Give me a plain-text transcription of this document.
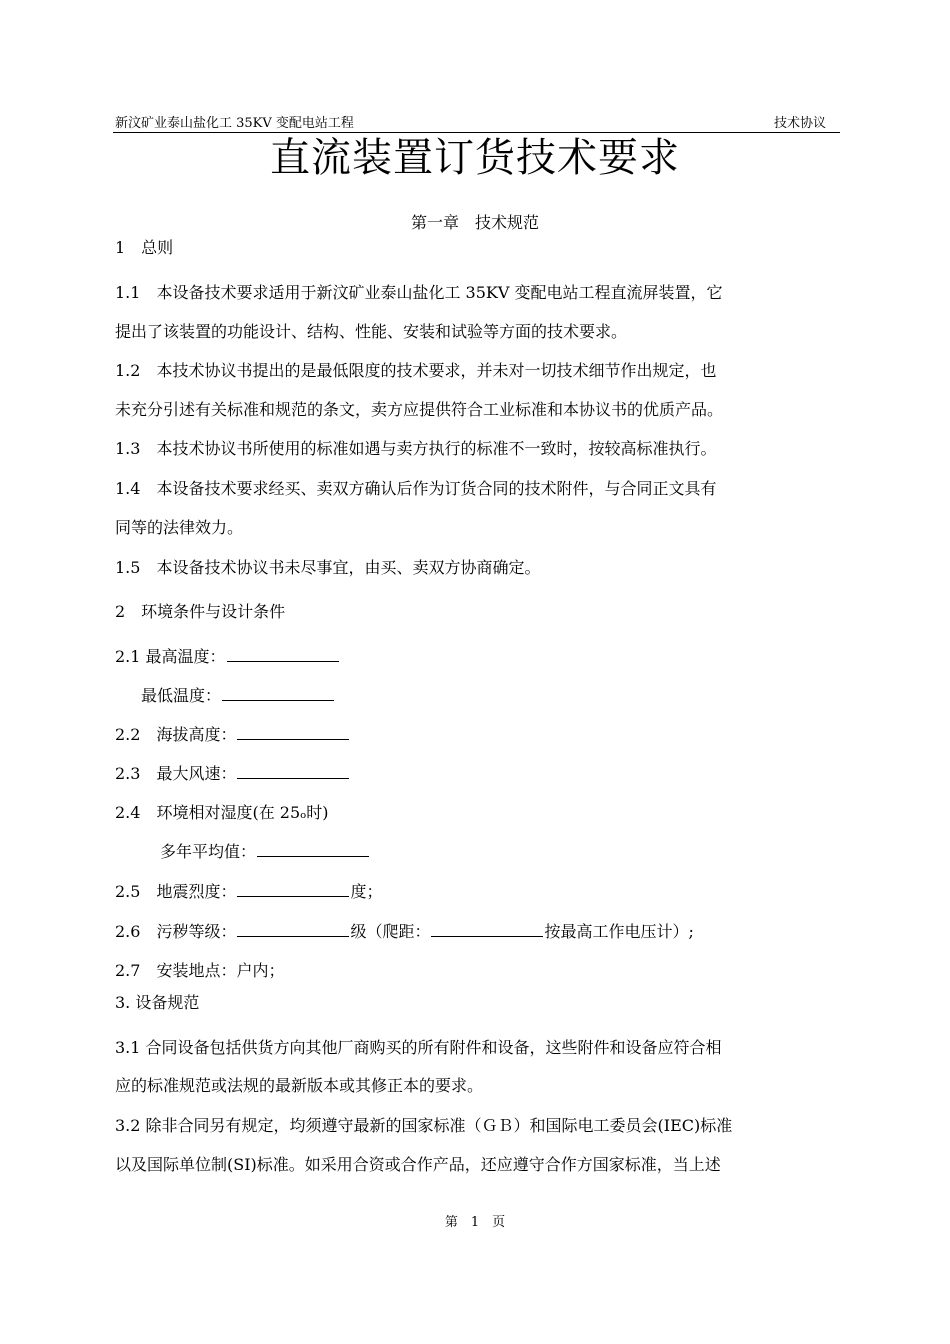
新汶矿业泰山盐化工 35KV 变配电站工程	技术协议
直流装置订货技术要求
第一章　技术规范
1　总则
1.1　本设备技术要求适用于新汶矿业泰山盐化工 35KV 变配电站工程直流屏装置，它
提出了该装置的功能设计、结构、性能、安装和试验等方面的技术要求。
1.2　本技术协议书提出的是最低限度的技术要求，并未对一切技术细节作出规定，也
未充分引述有关标准和规范的条文，卖方应提供符合工业标准和本协议书的优质产品。
1.3　本技术协议书所使用的标准如遇与卖方执行的标准不一致时，按较高标准执行。
1.4　本设备技术要求经买、卖双方确认后作为订货合同的技术附件，与合同正文具有
同等的法律效力。
1.5　本设备技术协议书未尽事宜，由买、卖双方协商确定。
2　环境条件与设计条件
2.1 最高温度：
最低温度：
2.2　海拔高度：
2.3　最大风速：
2.4　环境相对湿度(在 25ₒ时)
多年平均值：
2.5　地震烈度：	度；
2.6　污秽等级：	级（爬距：	按最高工作电压计）;
2.7　安装地点：户内；
3. 设备规范
3.1 合同设备包括供货方向其他厂商购买的所有附件和设备，这些附件和设备应符合相
应的标准规范或法规的最新版本或其修正本的要求。
3.2 除非合同另有规定，均须遵守最新的国家标准（ＧＢ）和国际电工委员会(IEC)标准
以及国际单位制(SI)标准。如采用合资或合作产品，还应遵守合作方国家标准，当上述
第　1　页
